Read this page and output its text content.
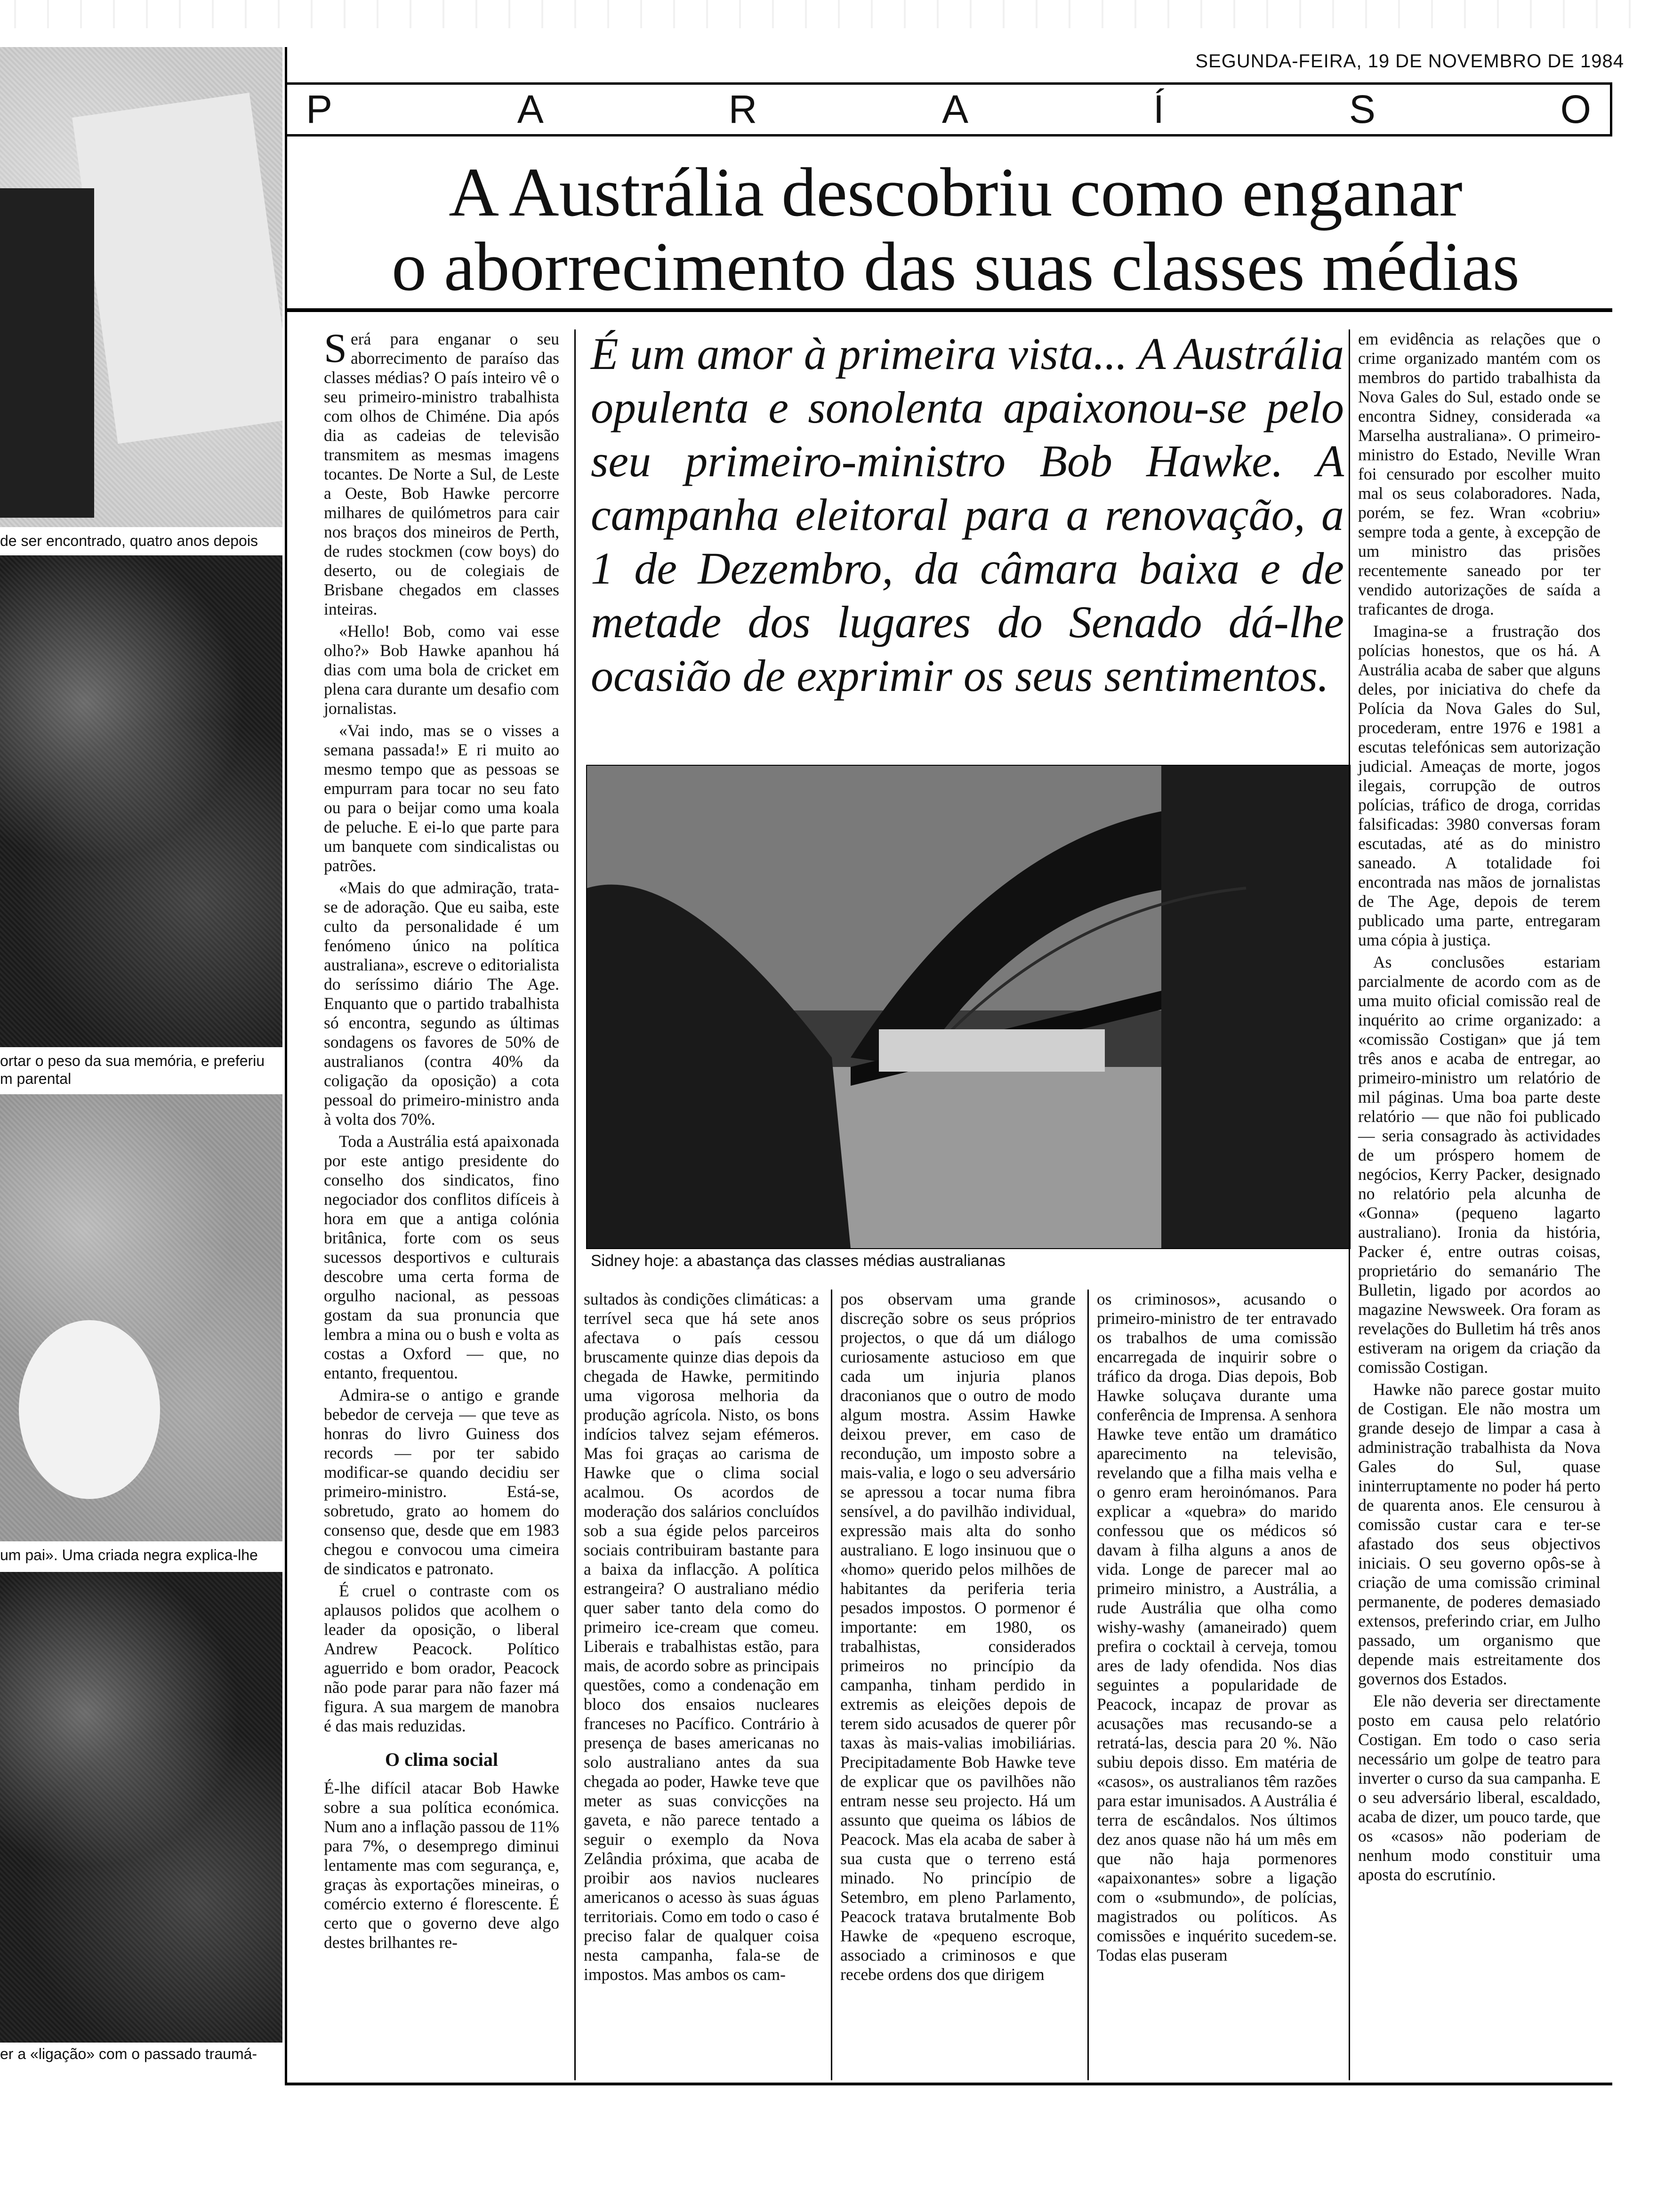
de ser encontrado, quatro anos depois
ortar o peso da sua memória, e preferiu
m parental
um pai». Uma criada negra explica-lhe
er a «ligação» com o passado traumá-
SEGUNDA-FEIRA, 19 DE NOVEMBRO DE 1984
P	A	R	A	Í	S	O
A Austrália descobriu como enganar
o aborrecimento das suas classes médias

Será para enganar o seu aborrecimento de paraíso das classes médias? O país inteiro vê o seu primeiro-ministro trabalhista com olhos de Chiméne. Dia após dia as cadeias de televisão transmitem as mesmas imagens tocantes. De Norte a Sul, de Leste a Oeste, Bob Hawke percorre milhares de quilómetros para cair nos braços dos mineiros de Perth, de rudes stockmen (cow boys) do deserto, ou de colegiais de Brisbane chegados em classes inteiras.

«Hello! Bob, como vai esse olho?» Bob Hawke apanhou há dias com uma bola de cricket em plena cara durante um desafio com jornalistas.

«Vai indo, mas se o visses a semana passada!» E ri muito ao mesmo tempo que as pessoas se empurram para tocar no seu fato ou para o beijar como uma koala de peluche. E ei-lo que parte para um banquete com sindicalistas ou patrões.

«Mais do que admiração, trata-se de adoração. Que eu saiba, este culto da personalidade é um fenómeno único na política australiana», escreve o editorialista do seríssimo diário The Age. Enquanto que o partido trabalhista só encontra, segundo as últimas sondagens os favores de 50% de australianos (contra 40% da coligação da oposição) a cota pessoal do primeiro-ministro anda à volta dos 70%.

Toda a Austrália está apaixonada por este antigo presidente do conselho dos sindicatos, fino negociador dos conflitos difíceis à hora em que a antiga colónia britânica, forte com os seus sucessos desportivos e culturais descobre uma certa forma de orgulho nacional, as pessoas gostam da sua pronuncia que lembra a mina ou o bush e volta as costas a Oxford — que, no entanto, frequentou.

Admira-se o antigo e grande bebedor de cerveja — que teve as honras do livro Guiness dos records — por ter sabido modificar-se quando decidiu ser primeiro-ministro. Está-se, sobretudo, grato ao homem do consenso que, desde que em 1983 chegou e convocou uma cimeira de sindicatos e patronato.

É cruel o contraste com os aplausos polidos que acolhem o leader da oposição, o liberal Andrew Peacock. Político aguerrido e bom orador, Peacock não pode parar para não fazer má figura. A sua margem de manobra é das mais reduzidas.

O clima social

É-lhe difícil atacar Bob Hawke sobre a sua política económica. Num ano a inflação passou de 11% para 7%, o desemprego diminui lentamente mas com segurança, e, graças às exportações mineiras, o comércio externo é florescente. É certo que o governo deve algo destes brilhantes re-

É um amor à primeira vista... A Austrália opulenta e sonolenta apaixonou-se pelo seu primeiro-ministro Bob Hawke. A campanha eleitoral para a renovação, a 1 de Dezembro, da câmara baixa e de metade dos lugares do Senado dá-lhe ocasião de exprimir os seus sentimentos.
Sidney hoje: a abastança das classes médias australianas

sultados às condições climáticas: a terrível seca que há sete anos afectava o país cessou bruscamente quinze dias depois da chegada de Hawke, permitindo uma vigorosa melhoria da produção agrícola. Nisto, os bons indícios talvez sejam efémeros. Mas foi graças ao carisma de Hawke que o clima social acalmou. Os acordos de moderação dos salários concluídos sob a sua égide pelos parceiros sociais contribuiram bastante para a baixa da inflacção. A política estrangeira? O australiano médio quer saber tanto dela como do primeiro ice-cream que comeu. Liberais e trabalhistas estão, para mais, de acordo sobre as principais questões, como a condenação em bloco dos ensaios nucleares franceses no Pacífico. Contrário à presença de bases americanas no solo australiano antes da sua chegada ao poder, Hawke teve que meter as suas convicções na gaveta, e não parece tentado a seguir o exemplo da Nova Zelândia próxima, que acaba de proibir aos navios nucleares americanos o acesso às suas águas territoriais. Como em todo o caso é preciso falar de qualquer coisa nesta campanha, fala-se de impostos. Mas ambos os cam-

pos observam uma grande discreção sobre os seus próprios projectos, o que dá um diálogo curiosamente astucioso em que cada um injuria planos draconianos que o outro de modo algum mostra. Assim Hawke deixou prever, em caso de recondução, um imposto sobre a mais-valia, e logo o seu adversário se apressou a tocar numa fibra sensível, a do pavilhão individual, expressão mais alta do sonho australiano. E logo insinuou que o «homo» querido pelos milhões de habitantes da periferia teria pesados impostos. O pormenor é importante: em 1980, os trabalhistas, considerados primeiros no princípio da campanha, tinham perdido in extremis as eleições depois de terem sido acusados de querer pôr taxas às mais-valias imobiliárias. Precipitadamente Bob Hawke teve de explicar que os pavilhões não entram nesse seu projecto. Há um assunto que queima os lábios de Peacock. Mas ela acaba de saber à sua custa que o terreno está minado. No princípio de Setembro, em pleno Parlamento, Peacock tratava brutalmente Bob Hawke de «pequeno escroque, associado a criminosos e que recebe ordens dos que dirigem

os criminosos», acusando o primeiro-ministro de ter entravado os trabalhos de uma comissão encarregada de inquirir sobre o tráfico da droga. Dias depois, Bob Hawke soluçava durante uma conferência de Imprensa. A senhora Hawke teve então um dramático aparecimento na televisão, revelando que a filha mais velha e o genro eram heroinómanos. Para explicar a «quebra» do marido confessou que os médicos só davam à filha alguns a anos de vida. Longe de parecer mal ao primeiro ministro, a Austrália, a rude Austrália que olha como wishy-washy (amaneirado) quem prefira o cocktail à cerveja, tomou ares de lady ofendida. Nos dias seguintes a popularidade de Peacock, incapaz de provar as acusações mas recusando-se a retratá-las, descia para 20 %. Não subiu depois disso. Em matéria de «casos», os australianos têm razões para estar imunisados. A Austrália é terra de escândalos. Nos últimos dez anos quase não há um mês em que não haja pormenores «apaixonantes» sobre a ligação com o «submundo», de polícias, magistrados ou políticos. As comissões e inquérito sucedem-se. Todas elas puseram

em evidência as relações que o crime organizado mantém com os membros do partido trabalhista da Nova Gales do Sul, estado onde se encontra Sidney, considerada «a Marselha australiana». O primeiro-ministro do Estado, Neville Wran foi censurado por escolher muito mal os seus colaboradores. Nada, porém, se fez. Wran «cobriu» sempre toda a gente, à excepção de um ministro das prisões recentemente saneado por ter vendido autorizações de saída a traficantes de droga.

Imagina-se a frustração dos polícias honestos, que os há. A Austrália acaba de saber que alguns deles, por iniciativa do chefe da Polícia da Nova Gales do Sul, procederam, entre 1976 e 1981 a escutas telefónicas sem autorização judicial. Ameaças de morte, jogos ilegais, corrupção de outros polícias, tráfico de droga, corridas falsificadas: 3980 conversas foram escutadas, até as do ministro saneado. A totalidade foi encontrada nas mãos de jornalistas de The Age, depois de terem publicado uma parte, entregaram uma cópia à justiça.

As conclusões estariam parcialmente de acordo com as de uma muito oficial comissão real de inquérito ao crime organizado: a «comissão Costigan» que já tem três anos e acaba de entregar, ao primeiro-ministro um relatório de mil páginas. Uma boa parte deste relatório — que não foi publicado — seria consagrado às actividades de um próspero homem de negócios, Kerry Packer, designado no relatório pela alcunha de «Gonna» (pequeno lagarto australiano). Ironia da história, Packer é, entre outras coisas, proprietário do semanário The Bulletin, ligado por acordos ao magazine Newsweek. Ora foram as revelações do Bulletim há três anos estiveram na origem da criação da comissão Costigan.

Hawke não parece gostar muito de Costigan. Ele não mostra um grande desejo de limpar a casa à administração trabalhista da Nova Gales do Sul, quase ininterruptamente no poder há perto de quarenta anos. Ele censurou à comissão custar cara e ter-se afastado dos seus objectivos iniciais. O seu governo opôs-se à criação de uma comissão criminal permanente, de poderes demasiado extensos, preferindo criar, em Julho passado, um organismo que depende mais estreitamente dos governos dos Estados.

Ele não deveria ser directamente posto em causa pelo relatório Costigan. Em todo o caso seria necessário um golpe de teatro para inverter o curso da sua campanha. E o seu adversário liberal, escaldado, acaba de dizer, um pouco tarde, que os «casos» não poderiam de nenhum modo constituir uma aposta do escrutínio.
